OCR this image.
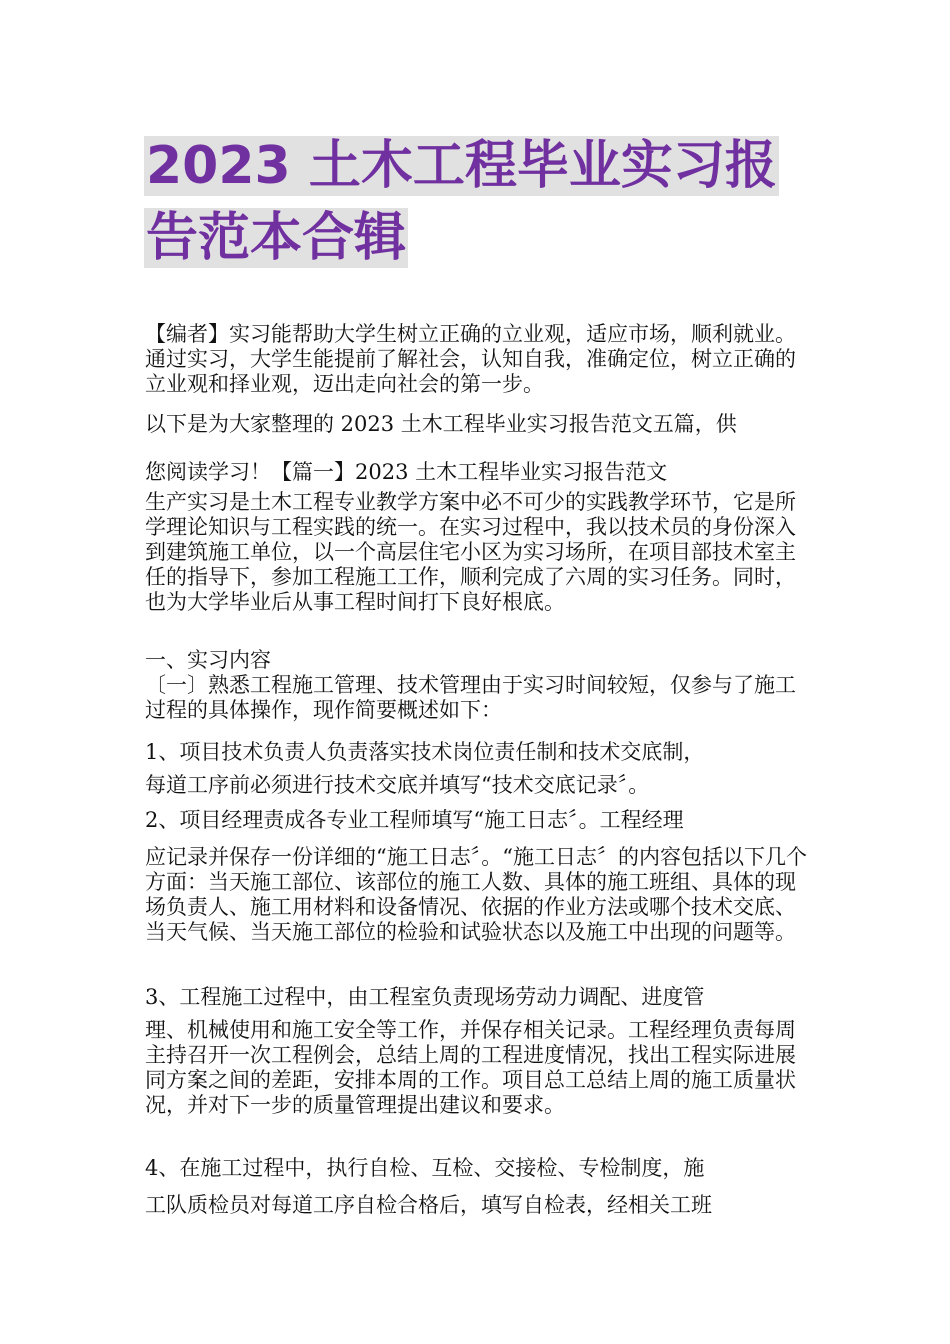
2023 土木工程毕业实习报
告范本合辑

【编者】实习能帮助大学生树立正确的立业观，适应市场，顺利就业。通过实习，大学生能提前了解社会，认知自我，准确定位，树立正确的立业观和择业观，迈出走向社会的第一步。

以下是为大家整理的 2023 土木工程毕业实习报告范文五篇，供

您阅读学习！【篇一】2023 土木工程毕业实习报告范文

生产实习是土木工程专业教学方案中必不可少的实践教学环节，它是所学理论知识与工程实践的统一。在实习过程中，我以技术员的身份深入到建筑施工单位，以一个高层住宅小区为实习场所，在项目部技术室主任的指导下，参加工程施工工作，顺利完成了六周的实习任务。同时，也为大学毕业后从事工程时间打下良好根底。

一、实习内容

〔一〕熟悉工程施工管理、技术管理由于实习时间较短，仅参与了施工过程的具体操作，现作简要概述如下：

1、项目技术负责人负责落实技术岗位责任制和技术交底制，

每道工序前必须进行技术交底并填写“技术交底记录〞。

2、项目经理责成各专业工程师填写“施工日志〞。工程经理

应记录并保存一份详细的“施工日志〞。“施工日志〞的内容包括以下几个方面：当天施工部位、该部位的施工人数、具体的施工班组、具体的现场负责人、施工用材料和设备情况、依据的作业方法或哪个技术交底、当天气候、当天施工部位的检验和试验状态以及施工中出现的问题等。

3、工程施工过程中，由工程室负责现场劳动力调配、进度管

理、机械使用和施工安全等工作，并保存相关记录。工程经理负责每周主持召开一次工程例会，总结上周的工程进度情况，找出工程实际进展同方案之间的差距，安排本周的工作。项目总工总结上周的施工质量状况，并对下一步的质量管理提出建议和要求。

4、在施工过程中，执行自检、互检、交接检、专检制度，施

工队质检员对每道工序自检合格后，填写自检表，经相关工班
